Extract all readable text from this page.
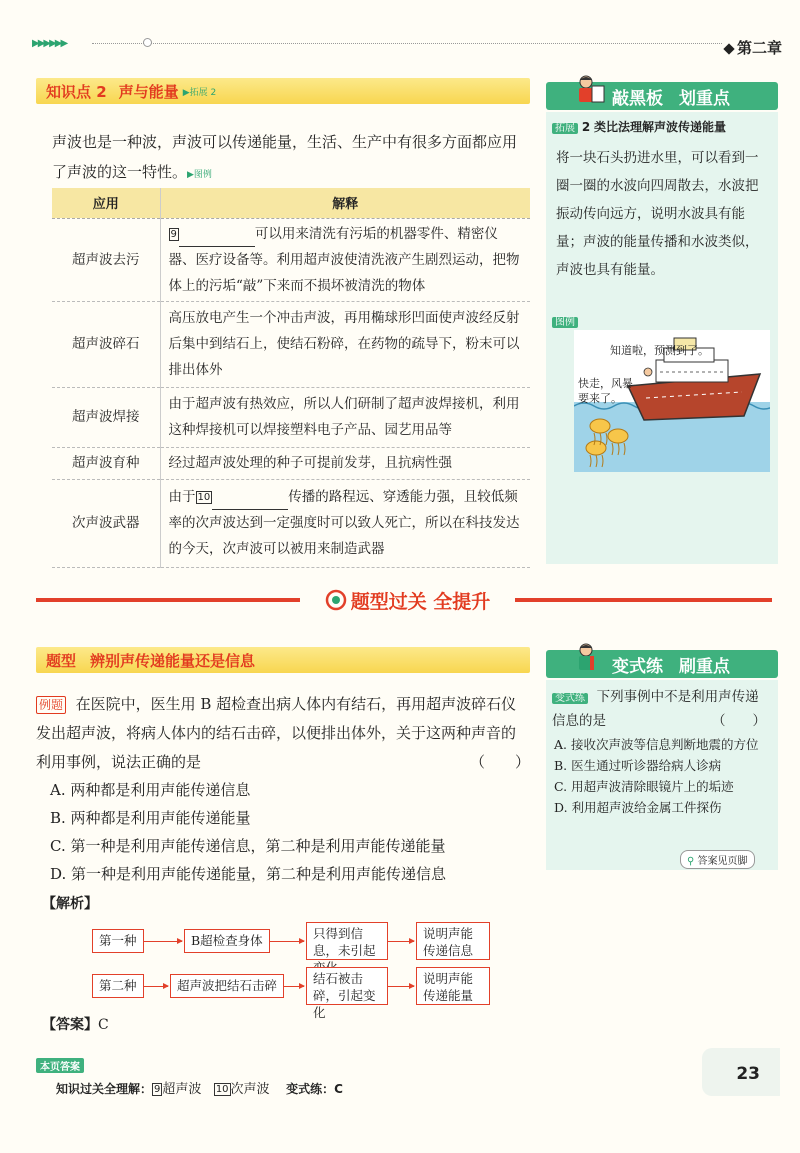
▶▶▶▶▶▶	第二章
知识点 2 声与能量 ▶拓展 2
声波也是一种波，声波可以传递能量，生活、生产中有很多方面都应用了声波的这一特性。▶图例
应用	解释
超声波去污	9 可以用来清洗有污垢的机器零件、精密仪器、医疗设备等。利用超声波使清洗液产生剧烈运动，把物体上的污垢“敲”下来而不损坏被清洗的物体
超声波碎石	高压放电产生一个冲击声波，再用椭球形凹面使声波经反射后集中到结石上，使结石粉碎，在药物的疏导下，粉末可以排出体外
超声波焊接	由于超声波有热效应，所以人们研制了超声波焊接机，利用这种焊接机可以焊接塑料电子产品、园艺用品等
超声波育种	经过超声波处理的种子可提前发芽，且抗病性强
次声波武器	由于 10 传播的路程远、穿透能力强，且较低频率的次声波达到一定强度时可以致人死亡，所以在科技发达的今天，次声波可以被用来制造武器
敲黑板 划重点
拓展 2 类比法理解声波传递能量
将一块石头扔进水里，可以看到一圈一圈的水波向四周散去，水波把振动传向远方，说明水波具有能量；声波的能量传播和水波类似，声波也具有能量。
图例
知道啦，预测到了。
快走，风暴要来了。
题型过关 全提升
题型 辨别声传递能量还是信息
例题 在医院中，医生用 B 超检查出病人体内有结石，再用超声波碎石仪发出超声波，将病人体内的结石击碎，以便排出体外，关于这两种声音的利用事例，说法正确的是	（　　）
A. 两种都是利用声能传递信息
B. 两种都是利用声能传递能量
C. 第一种是利用声能传递信息，第二种是利用声能传递能量
D. 第一种是利用声能传递能量，第二种是利用声能传递信息
【解析】
第一种	B超检查身体	只得到信息，未引起
说明声能传递信息
第二种	超声波把结石击碎	结石被击碎，引起变化
说明声能传递能量
【答案】C
变式练 刷重点
变式练 下列事例中不是利用声传递信息的是	（　　）
A. 接收次声波等信息判断地震的方位
B. 医生通过听诊器给病人诊病
C. 用超声波清除眼镜片上的垢迹
D. 利用超声波给金属工件探伤
⚲ 答案见页脚
本页答案
知识过关全理解： 9 超声波 10 次声波 变式练：C
23
